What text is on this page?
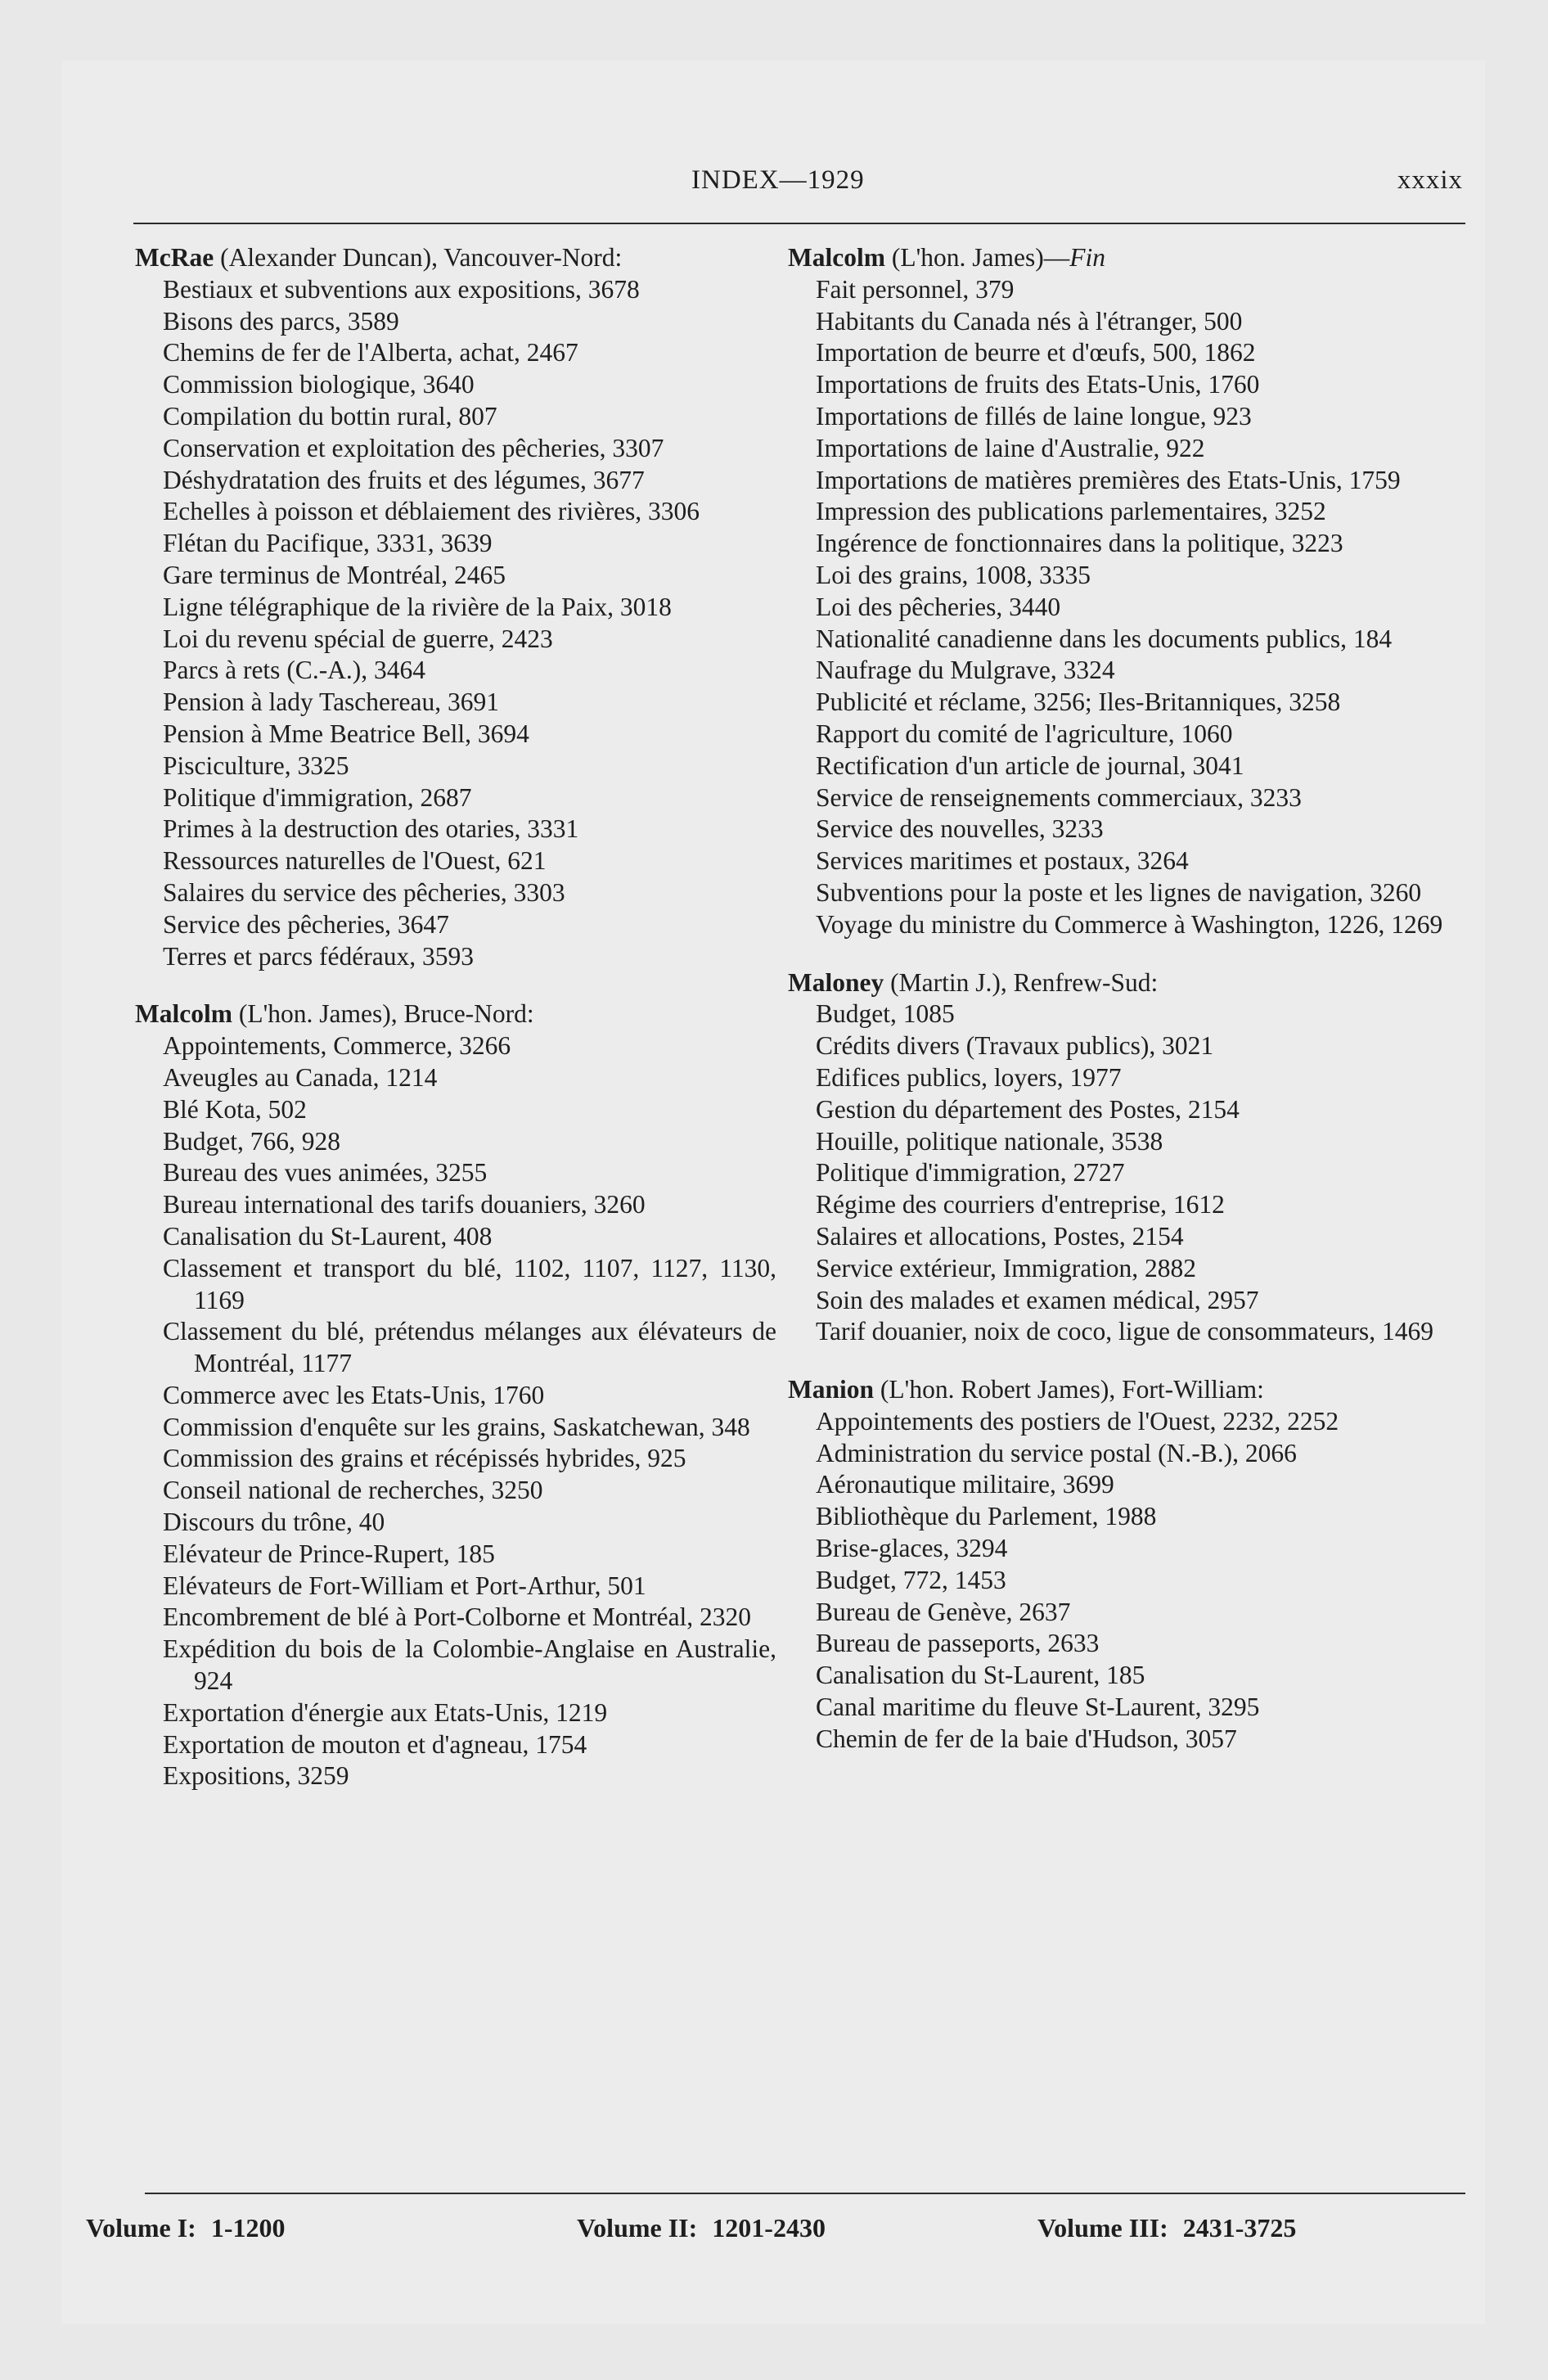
INDEX—1929	xxxix
McRae (Alexander Duncan), Vancouver-Nord:
Bestiaux et subventions aux expositions, 3678
Bisons des parcs, 3589
Chemins de fer de l'Alberta, achat, 2467
Commission biologique, 3640
Compilation du bottin rural, 807
Conservation et exploitation des pêcheries, 3307
Déshydratation des fruits et des légumes, 3677
Echelles à poisson et déblaiement des rivières, 3306
Flétan du Pacifique, 3331, 3639
Gare terminus de Montréal, 2465
Ligne télégraphique de la rivière de la Paix, 3018
Loi du revenu spécial de guerre, 2423
Parcs à rets (C.-A.), 3464
Pension à lady Taschereau, 3691
Pension à Mme Beatrice Bell, 3694
Pisciculture, 3325
Politique d'immigration, 2687
Primes à la destruction des otaries, 3331
Ressources naturelles de l'Ouest, 621
Salaires du service des pêcheries, 3303
Service des pêcheries, 3647
Terres et parcs fédéraux, 3593
Malcolm (L'hon. James), Bruce-Nord:
Appointements, Commerce, 3266
Aveugles au Canada, 1214
Blé Kota, 502
Budget, 766, 928
Bureau des vues animées, 3255
Bureau international des tarifs douaniers, 3260
Canalisation du St-Laurent, 408
Classement et transport du blé, 1102, 1107, 1127, 1130, 1169
Classement du blé, prétendus mélanges aux élévateurs de Montréal, 1177
Commerce avec les Etats-Unis, 1760
Commission d'enquête sur les grains, Saskatchewan, 348
Commission des grains et récépissés hybrides, 925
Conseil national de recherches, 3250
Discours du trône, 40
Elévateur de Prince-Rupert, 185
Elévateurs de Fort-William et Port-Arthur, 501
Encombrement de blé à Port-Colborne et Montréal, 2320
Expédition du bois de la Colombie-Anglaise en Australie, 924
Exportation d'énergie aux Etats-Unis, 1219
Exportation de mouton et d'agneau, 1754
Expositions, 3259
Malcolm (L'hon. James)—Fin
Fait personnel, 379
Habitants du Canada nés à l'étranger, 500
Importation de beurre et d'œufs, 500, 1862
Importations de fruits des Etats-Unis, 1760
Importations de fillés de laine longue, 923
Importations de laine d'Australie, 922
Importations de matières premières des Etats-Unis, 1759
Impression des publications parlementaires, 3252
Ingérence de fonctionnaires dans la politique, 3223
Loi des grains, 1008, 3335
Loi des pêcheries, 3440
Nationalité canadienne dans les documents publics, 184
Naufrage du Mulgrave, 3324
Publicité et réclame, 3256; Iles-Britanniques, 3258
Rapport du comité de l'agriculture, 1060
Rectification d'un article de journal, 3041
Service de renseignements commerciaux, 3233
Service des nouvelles, 3233
Services maritimes et postaux, 3264
Subventions pour la poste et les lignes de navigation, 3260
Voyage du ministre du Commerce à Washington, 1226, 1269
Maloney (Martin J.), Renfrew-Sud:
Budget, 1085
Crédits divers (Travaux publics), 3021
Edifices publics, loyers, 1977
Gestion du département des Postes, 2154
Houille, politique nationale, 3538
Politique d'immigration, 2727
Régime des courriers d'entreprise, 1612
Salaires et allocations, Postes, 2154
Service extérieur, Immigration, 2882
Soin des malades et examen médical, 2957
Tarif douanier, noix de coco, ligue de consommateurs, 1469
Manion (L'hon. Robert James), Fort-William:
Appointements des postiers de l'Ouest, 2232, 2252
Administration du service postal (N.-B.), 2066
Aéronautique militaire, 3699
Bibliothèque du Parlement, 1988
Brise-glaces, 3294
Budget, 772, 1453
Bureau de Genève, 2637
Bureau de passeports, 2633
Canalisation du St-Laurent, 185
Canal maritime du fleuve St-Laurent, 3295
Chemin de fer de la baie d'Hudson, 3057
Volume I: 1-1200	Volume II: 1201-2430	Volume III: 2431-3725
